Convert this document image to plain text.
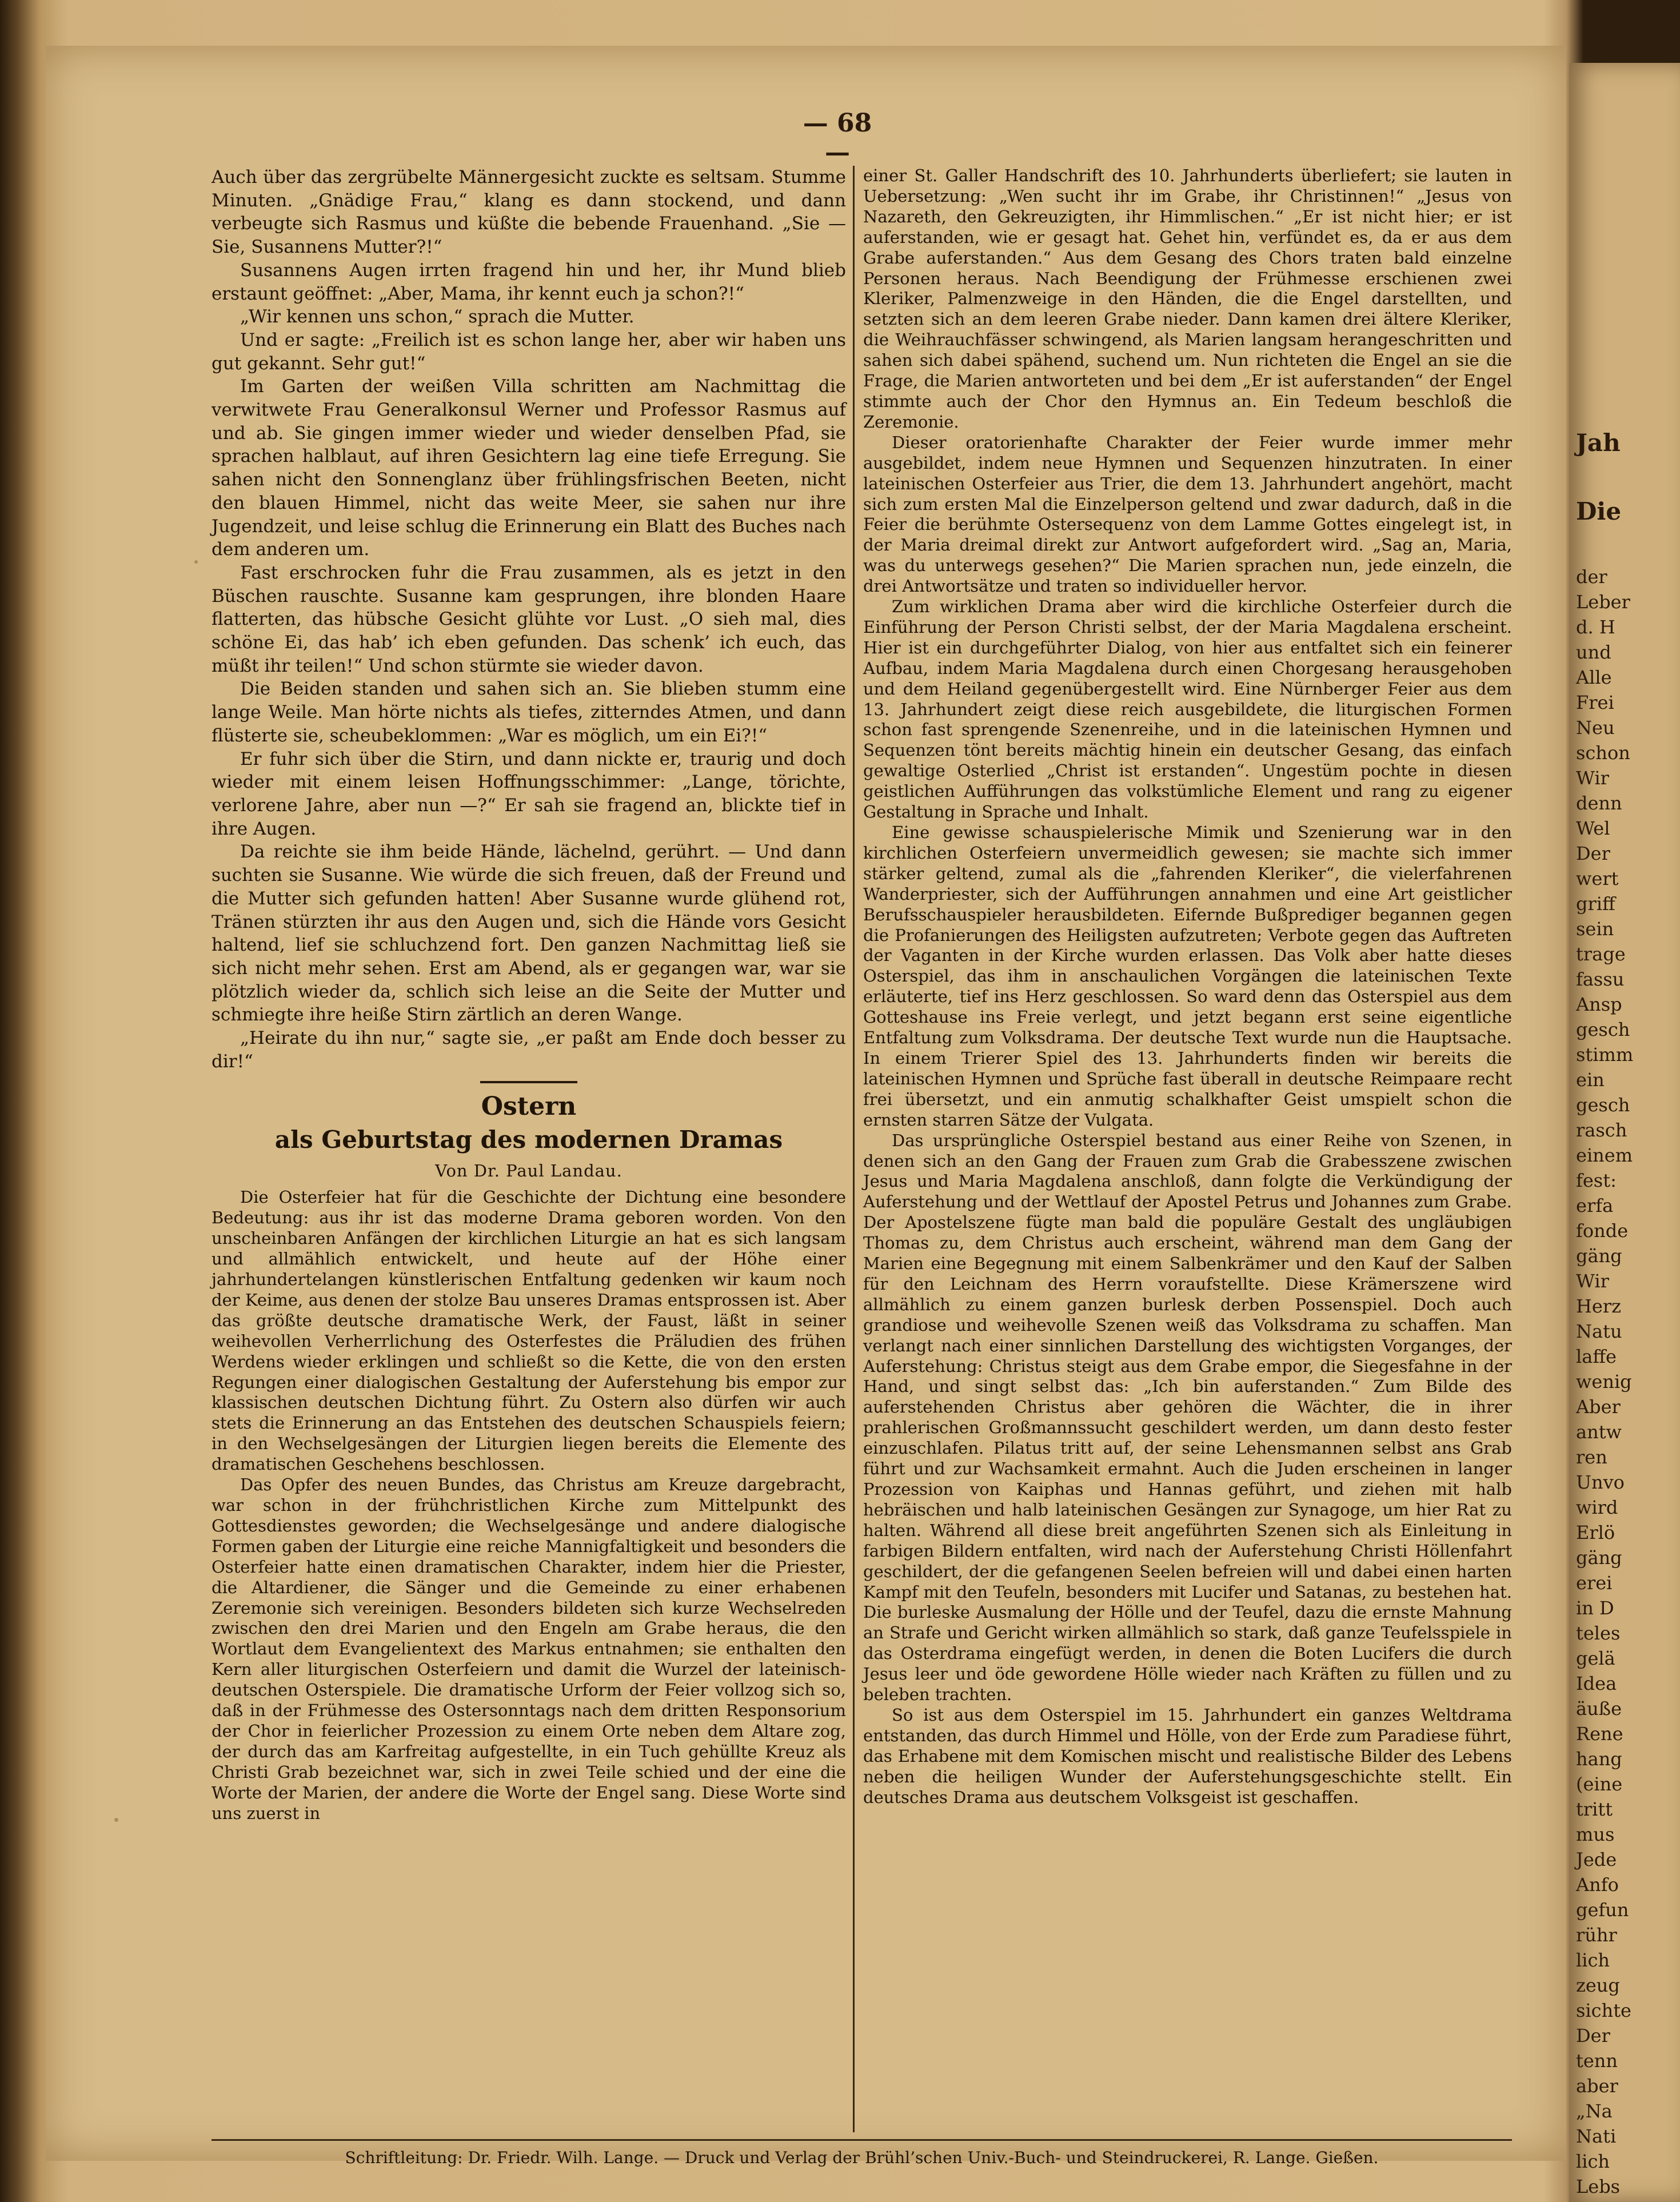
— 68 —

Auch über das zergrübelte Männergesicht zuckte es seltsam. Stumme Minuten. „Gnädige Frau,“ klang es dann stockend, und dann verbeugte sich Rasmus und küßte die bebende Frauenhand. „Sie — Sie, Susannens Mutter?!“

Susannens Augen irrten fragend hin und her, ihr Mund blieb erstaunt geöffnet: „Aber, Mama, ihr kennt euch ja schon?!“

„Wir kennen uns schon,“ sprach die Mutter.

Und er sagte: „Freilich ist es schon lange her, aber wir haben uns gut gekannt. Sehr gut!“

Im Garten der weißen Villa schritten am Nachmittag die verwitwete Frau Generalkonsul Werner und Professor Rasmus auf und ab. Sie gingen immer wieder und wieder denselben Pfad, sie sprachen halblaut, auf ihren Gesichtern lag eine tiefe Erregung. Sie sahen nicht den Sonnenglanz über frühlingsfrischen Beeten, nicht den blauen Himmel, nicht das weite Meer, sie sahen nur ihre Jugendzeit, und leise schlug die Erinnerung ein Blatt des Buches nach dem anderen um.

Fast erschrocken fuhr die Frau zusammen, als es jetzt in den Büschen rauschte. Susanne kam gesprungen, ihre blonden Haare flatterten, das hübsche Gesicht glühte vor Lust. „O sieh mal, dies schöne Ei, das hab’ ich eben gefunden. Das schenk’ ich euch, das müßt ihr teilen!“ Und schon stürmte sie wieder davon.

Die Beiden standen und sahen sich an. Sie blieben stumm eine lange Weile. Man hörte nichts als tiefes, zitterndes Atmen, und dann flüsterte sie, scheubeklommen: „War es möglich, um ein Ei?!“

Er fuhr sich über die Stirn, und dann nickte er, traurig und doch wieder mit einem leisen Hoffnungsschimmer: „Lange, törichte, verlorene Jahre, aber nun —?“ Er sah sie fragend an, blickte tief in ihre Augen.

Da reichte sie ihm beide Hände, lächelnd, gerührt. — Und dann suchten sie Susanne. Wie würde die sich freuen, daß der Freund und die Mutter sich gefunden hatten! Aber Susanne wurde glühend rot, Tränen stürzten ihr aus den Augen und, sich die Hände vors Gesicht haltend, lief sie schluchzend fort. Den ganzen Nachmittag ließ sie sich nicht mehr sehen. Erst am Abend, als er gegangen war, war sie plötzlich wieder da, schlich sich leise an die Seite der Mutter und schmiegte ihre heiße Stirn zärtlich an deren Wange.

„Heirate du ihn nur,“ sagte sie, „er paßt am Ende doch besser zu dir!“

Ostern
als Geburtstag des modernen Dramas
Von Dr. Paul Landau.

Die Osterfeier hat für die Geschichte der Dichtung eine besondere Bedeutung: aus ihr ist das moderne Drama geboren worden. Von den unscheinbaren Anfängen der kirchlichen Liturgie an hat es sich langsam und allmählich entwickelt, und heute auf der Höhe einer jahrhundertelangen künstlerischen Entfaltung gedenken wir kaum noch der Keime, aus denen der stolze Bau unseres Dramas entsprossen ist. Aber das größte deutsche dramatische Werk, der Faust, läßt in seiner weihevollen Verherrlichung des Osterfestes die Präludien des frühen Werdens wieder erklingen und schließt so die Kette, die von den ersten Regungen einer dialogischen Gestaltung der Auferstehung bis empor zur klassischen deutschen Dichtung führt. Zu Ostern also dürfen wir auch stets die Erinnerung an das Entstehen des deutschen Schauspiels feiern; in den Wechselgesängen der Liturgien liegen bereits die Elemente des dramatischen Geschehens beschlossen.

Das Opfer des neuen Bundes, das Christus am Kreuze dargebracht, war schon in der frühchristlichen Kirche zum Mittelpunkt des Gottesdienstes geworden; die Wechselgesänge und andere dialogische Formen gaben der Liturgie eine reiche Mannigfaltigkeit und besonders die Osterfeier hatte einen dramatischen Charakter, indem hier die Priester, die Altardiener, die Sänger und die Gemeinde zu einer erhabenen Zeremonie sich vereinigen. Besonders bildeten sich kurze Wechselreden zwischen den drei Marien und den Engeln am Grabe heraus, die den Wortlaut dem Evangelientext des Markus entnahmen; sie enthalten den Kern aller liturgischen Osterfeiern und damit die Wurzel der lateinisch-deutschen Osterspiele. Die dramatische Urform der Feier vollzog sich so, daß in der Frühmesse des Ostersonntags nach dem dritten Responsorium der Chor in feierlicher Prozession zu einem Orte neben dem Altare zog, der durch das am Karfreitag aufgestellte, in ein Tuch gehüllte Kreuz als Christi Grab bezeichnet war, sich in zwei Teile schied und der eine die Worte der Marien, der andere die Worte der Engel sang. Diese Worte sind uns zuerst in

einer St. Galler Handschrift des 10. Jahrhunderts überliefert; sie lauten in Uebersetzung: „Wen sucht ihr im Grabe, ihr Christinnen!“ „Jesus von Nazareth, den Gekreuzigten, ihr Himmlischen.“ „Er ist nicht hier; er ist auferstanden, wie er gesagt hat. Gehet hin, verfündet es, da er aus dem Grabe auferstanden.“ Aus dem Gesang des Chors traten bald einzelne Personen heraus. Nach Beendigung der Frühmesse erschienen zwei Kleriker, Palmenzweige in den Händen, die die Engel darstellten, und setzten sich an dem leeren Grabe nieder. Dann kamen drei ältere Kleriker, die Weihrauchfässer schwingend, als Marien langsam herangeschritten und sahen sich dabei spähend, suchend um. Nun richteten die Engel an sie die Frage, die Marien antworteten und bei dem „Er ist auferstanden“ der Engel stimmte auch der Chor den Hymnus an. Ein Tedeum beschloß die Zeremonie.

Dieser oratorienhafte Charakter der Feier wurde immer mehr ausgebildet, indem neue Hymnen und Sequenzen hinzutraten. In einer lateinischen Osterfeier aus Trier, die dem 13. Jahrhundert angehört, macht sich zum ersten Mal die Einzelperson geltend und zwar dadurch, daß in die Feier die berühmte Ostersequenz von dem Lamme Gottes eingelegt ist, in der Maria dreimal direkt zur Antwort aufgefordert wird. „Sag an, Maria, was du unterwegs gesehen?“ Die Marien sprachen nun, jede einzeln, die drei Antwortsätze und traten so individueller hervor.

Zum wirklichen Drama aber wird die kirchliche Osterfeier durch die Einführung der Person Christi selbst, der der Maria Magdalena erscheint. Hier ist ein durchgeführter Dialog, von hier aus entfaltet sich ein feinerer Aufbau, indem Maria Magdalena durch einen Chorgesang herausgehoben und dem Heiland gegenübergestellt wird. Eine Nürnberger Feier aus dem 13. Jahrhundert zeigt diese reich ausgebildete, die liturgischen Formen schon fast sprengende Szenenreihe, und in die lateinischen Hymnen und Sequenzen tönt bereits mächtig hinein ein deutscher Gesang, das einfach gewaltige Osterlied „Christ ist erstanden“. Ungestüm pochte in diesen geistlichen Aufführungen das volkstümliche Element und rang zu eigener Gestaltung in Sprache und Inhalt.

Eine gewisse schauspielerische Mimik und Szenierung war in den kirchlichen Osterfeiern unvermeidlich gewesen; sie machte sich immer stärker geltend, zumal als die „fahrenden Kleriker“, die vielerfahrenen Wanderpriester, sich der Aufführungen annahmen und eine Art geistlicher Berufsschauspieler herausbildeten. Eifernde Bußprediger begannen gegen die Profanierungen des Heiligsten aufzutreten; Verbote gegen das Auftreten der Vaganten in der Kirche wurden erlassen. Das Volk aber hatte dieses Osterspiel, das ihm in anschaulichen Vorgängen die lateinischen Texte erläuterte, tief ins Herz geschlossen. So ward denn das Osterspiel aus dem Gotteshause ins Freie verlegt, und jetzt begann erst seine eigentliche Entfaltung zum Volksdrama. Der deutsche Text wurde nun die Hauptsache. In einem Trierer Spiel des 13. Jahrhunderts finden wir bereits die lateinischen Hymnen und Sprüche fast überall in deutsche Reimpaare recht frei übersetzt, und ein anmutig schalkhafter Geist umspielt schon die ernsten starren Sätze der Vulgata.

Das ursprüngliche Osterspiel bestand aus einer Reihe von Szenen, in denen sich an den Gang der Frauen zum Grab die Grabesszene zwischen Jesus und Maria Magdalena anschloß, dann folgte die Verkündigung der Auferstehung und der Wettlauf der Apostel Petrus und Johannes zum Grabe. Der Apostelszene fügte man bald die populäre Gestalt des ungläubigen Thomas zu, dem Christus auch erscheint, während man dem Gang der Marien eine Begegnung mit einem Salbenkrämer und den Kauf der Salben für den Leichnam des Herrn voraufstellte. Diese Krämerszene wird allmählich zu einem ganzen burlesk derben Possenspiel. Doch auch grandiose und weihevolle Szenen weiß das Volksdrama zu schaffen. Man verlangt nach einer sinnlichen Darstellung des wichtigsten Vorganges, der Auferstehung: Christus steigt aus dem Grabe empor, die Siegesfahne in der Hand, und singt selbst das: „Ich bin auferstanden.“ Zum Bilde des auferstehenden Christus aber gehören die Wächter, die in ihrer prahlerischen Großmannssucht geschildert werden, um dann desto fester einzuschlafen. Pilatus tritt auf, der seine Lehensmannen selbst ans Grab führt und zur Wachsamkeit ermahnt. Auch die Juden erscheinen in langer Prozession von Kaiphas und Hannas geführt, und ziehen mit halb hebräischen und halb lateinischen Gesängen zur Synagoge, um hier Rat zu halten. Während all diese breit angeführten Szenen sich als Einleitung in farbigen Bildern entfalten, wird nach der Auferstehung Christi Höllenfahrt geschildert, der die gefangenen Seelen befreien will und dabei einen harten Kampf mit den Teufeln, besonders mit Lucifer und Satanas, zu bestehen hat. Die burleske Ausmalung der Hölle und der Teufel, dazu die ernste Mahnung an Strafe und Gericht wirken allmählich so stark, daß ganze Teufelsspiele in das Osterdrama eingefügt werden, in denen die Boten Lucifers die durch Jesus leer und öde gewordene Hölle wieder nach Kräften zu füllen und zu beleben trachten.

So ist aus dem Osterspiel im 15. Jahrhundert ein ganzes Weltdrama entstanden, das durch Himmel und Hölle, von der Erde zum Paradiese führt, das Erhabene mit dem Komischen mischt und realistische Bilder des Lebens neben die heiligen Wunder der Auferstehungsgeschichte stellt. Ein deutsches Drama aus deutschem Volksgeist ist geschaffen.

Schriftleitung: Dr. Friedr. Wilh. Lange. — Druck und Verlag der Brühl’schen Univ.-Buch- und Steindruckerei, R. Lange. Gießen.
Jah
Die
der
Leber
d. H
und
Alle
Frei
Neu
schon
Wir
denn
Wel
Der
wert
griff
sein
trage
fassu
Ansp
gesch
stimm
ein
gesch
rasch
einem
fest:
erfa
fonde
gäng
Wir
Herz
Natu
laffe
wenig
Aber
antw
ren
Unvo
wird
Erlö
gäng
erei
in D
teles
gelä
Idea
äuße
Rene
hang
(eine
tritt
mus
Jede
Anfo
gefun
rühr
lich
zeug
sichte
Der
tenn
aber
„Na
Nati
lich
Lebs
